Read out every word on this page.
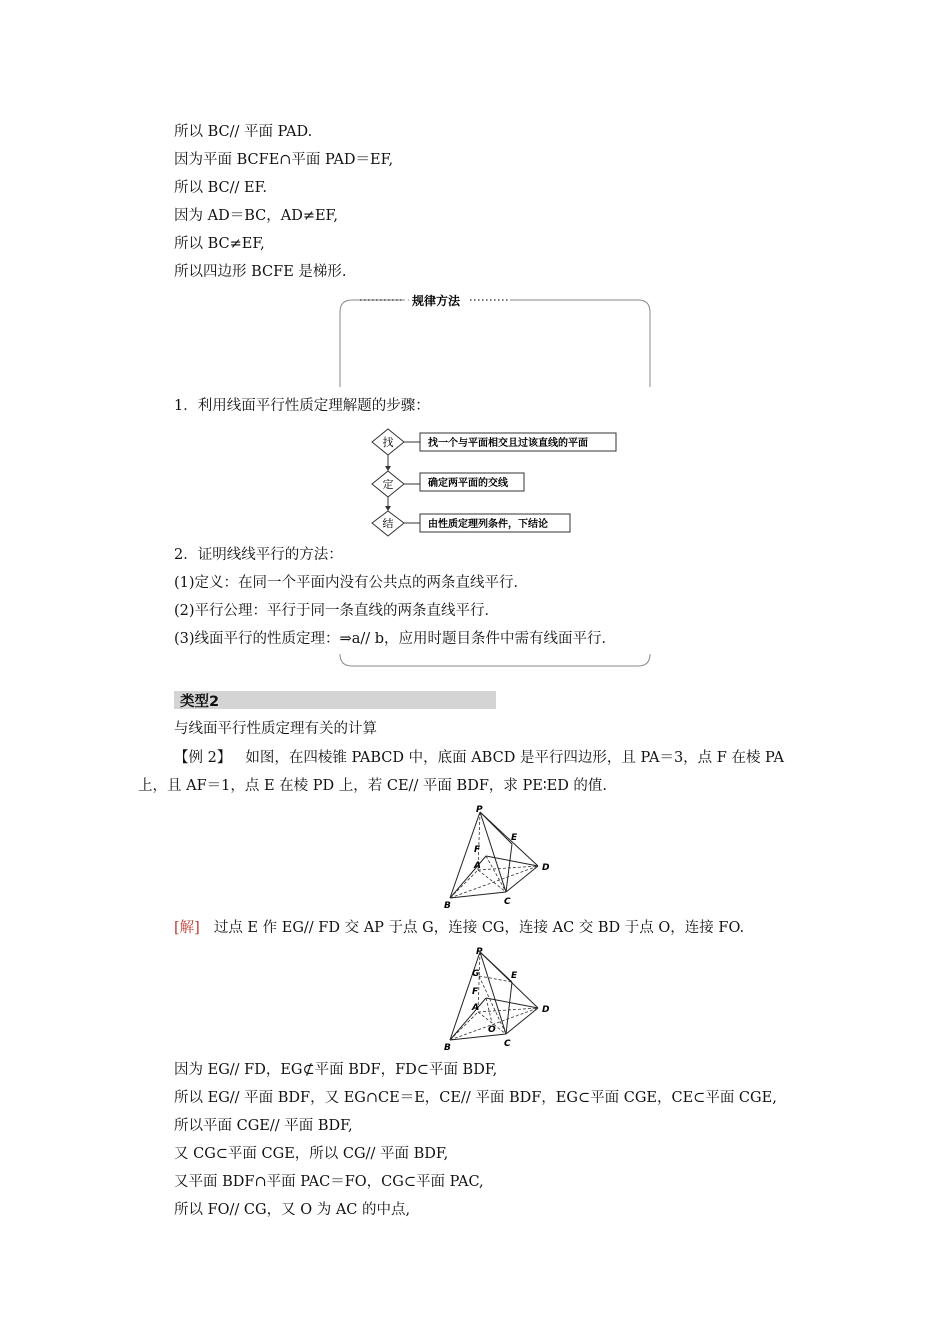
所以 BC// 平面 PAD.
因为平面 BCFE∩平面 PAD＝EF,
所以 BC// EF.
因为 AD＝BC，AD≠EF,
所以 BC≠EF,
所以四边形 BCFE 是梯形.
规律方法
1．利用线面平行性质定理解题的步骤：
找	找一个与平面相交且过该直线的平面
定	确定两平面的交线
结	由性质定理列条件，下结论
2．证明线线平行的方法：
(1)定义：在同一个平面内没有公共点的两条直线平行．
(2)平行公理：平行于同一条直线的两条直线平行．
(3)线面平行的性质定理：⇒a// b，应用时题目条件中需有线面平行．
类型2
与线面平行性质定理有关的计算
【例 2】 如图，在四棱锥 PABCD 中，底面 ABCD 是平行四边形，且 PA＝3，点 F 在棱 PA
上，且 AF＝1，点 E 在棱 PD 上，若 CE// 平面 BDF，求 PE∶ED 的值.
P
E
F
A	D
B	C
[解] 过点 E 作 EG// FD 交 AP 于点 G，连接 CG，连接 AC 交 BD 于点 O，连接 FO.
P
G	E
F
A
O
D
B	C
因为 EG// FD，EG⊄平面 BDF，FD⊂平面 BDF,
所以 EG// 平面 BDF，又 EG∩CE＝E，CE// 平面 BDF，EG⊂平面 CGE，CE⊂平面 CGE,
所以平面 CGE// 平面 BDF,
又 CG⊂平面 CGE，所以 CG// 平面 BDF,
又平面 BDF∩平面 PAC＝FO，CG⊂平面 PAC,
所以 FO// CG，又 O 为 AC 的中点,
